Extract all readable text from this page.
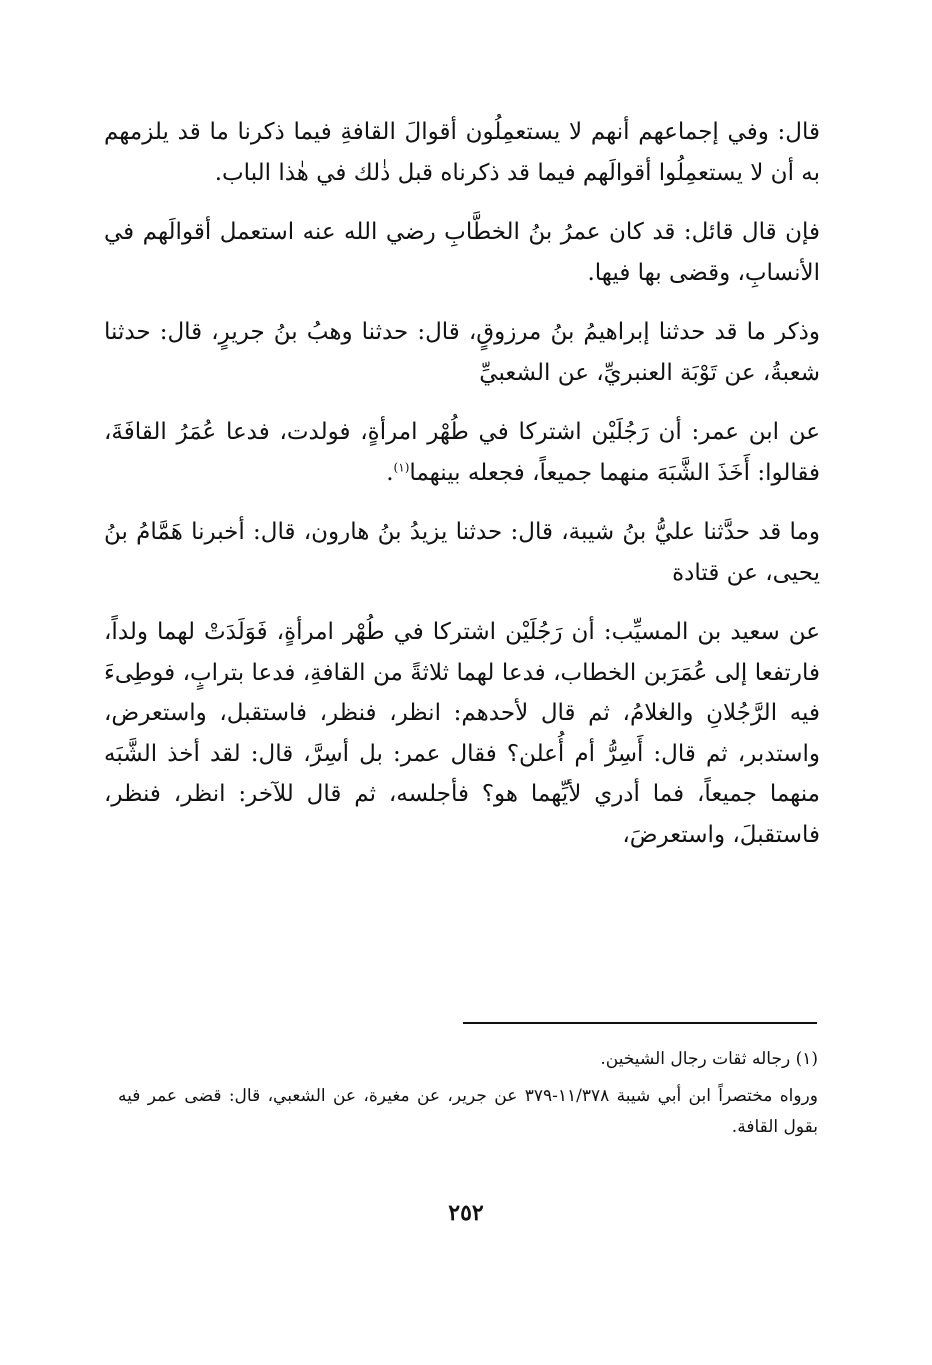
قال: وفي إجماعهم أنهم لا يستعمِلُون أقوالَ القافةِ فيما ذكرنا ما قد يلزمهم به أن لا يستعمِلُوا أقوالَهم فيما قد ذكرناه قبل ذٰلك في هٰذا الباب.

فإن قال قائل: قد كان عمرُ بنُ الخطَّابِ رضي الله عنه استعمل أقوالَهم في الأنسابِ، وقضى بها فيها.

وذكر ما قد حدثنا إبراهيمُ بنُ مرزوقٍ، قال: حدثنا وهبُ بنُ جريرٍ، قال: حدثنا شعبةُ، عن تَوْبَة العنبريِّ، عن الشعبيِّ

عن ابن عمر: أن رَجُلَيْن اشتركا في طُهْر امرأةٍ، فولدت، فدعا عُمَرُ القافَةَ، فقالوا: أَخَذَ الشَّبَهَ منهما جميعاً، فجعله بينهما$^{(١)}$.

وما قد حدَّثنا عليُّ بنُ شيبة، قال: حدثنا يزيدُ بنُ هارون، قال: أخبرنا هَمَّامُ بنُ يحيى، عن قتادة

عن سعيد بن المسيِّب: أن رَجُلَيْن اشتركا في طُهْر امرأةٍ، فَوَلَدَتْ لهما ولداً، فارتفعا إلى عُمَرَبن الخطاب، فدعا لهما ثلاثةً من القافةِ، فدعا بترابٍ، فوطِىءَ فيه الرَّجُلانِ والغلامُ، ثم قال لأحدهم: انظر، فنظر، فاستقبل، واستعرض، واستدبر، ثم قال: أَسِرُّ أم أُعلن؟ فقال عمر: بل أسِرَّ، قال: لقد أخذ الشَّبَه منهما جميعاً، فما أدري لأيِّهما هو؟ فأجلسه، ثم قال للآخر: انظر، فنظر، فاستقبلَ، واستعرضَ،

(١) رجاله ثقات رجال الشيخين.

ورواه مختصراً ابن أبي شيبة ١١/٣٧٨-٣٧٩ عن جرير، عن مغيرة، عن الشعبي، قال: قضى عمر فيه بقول القافة.

٢٥٢
